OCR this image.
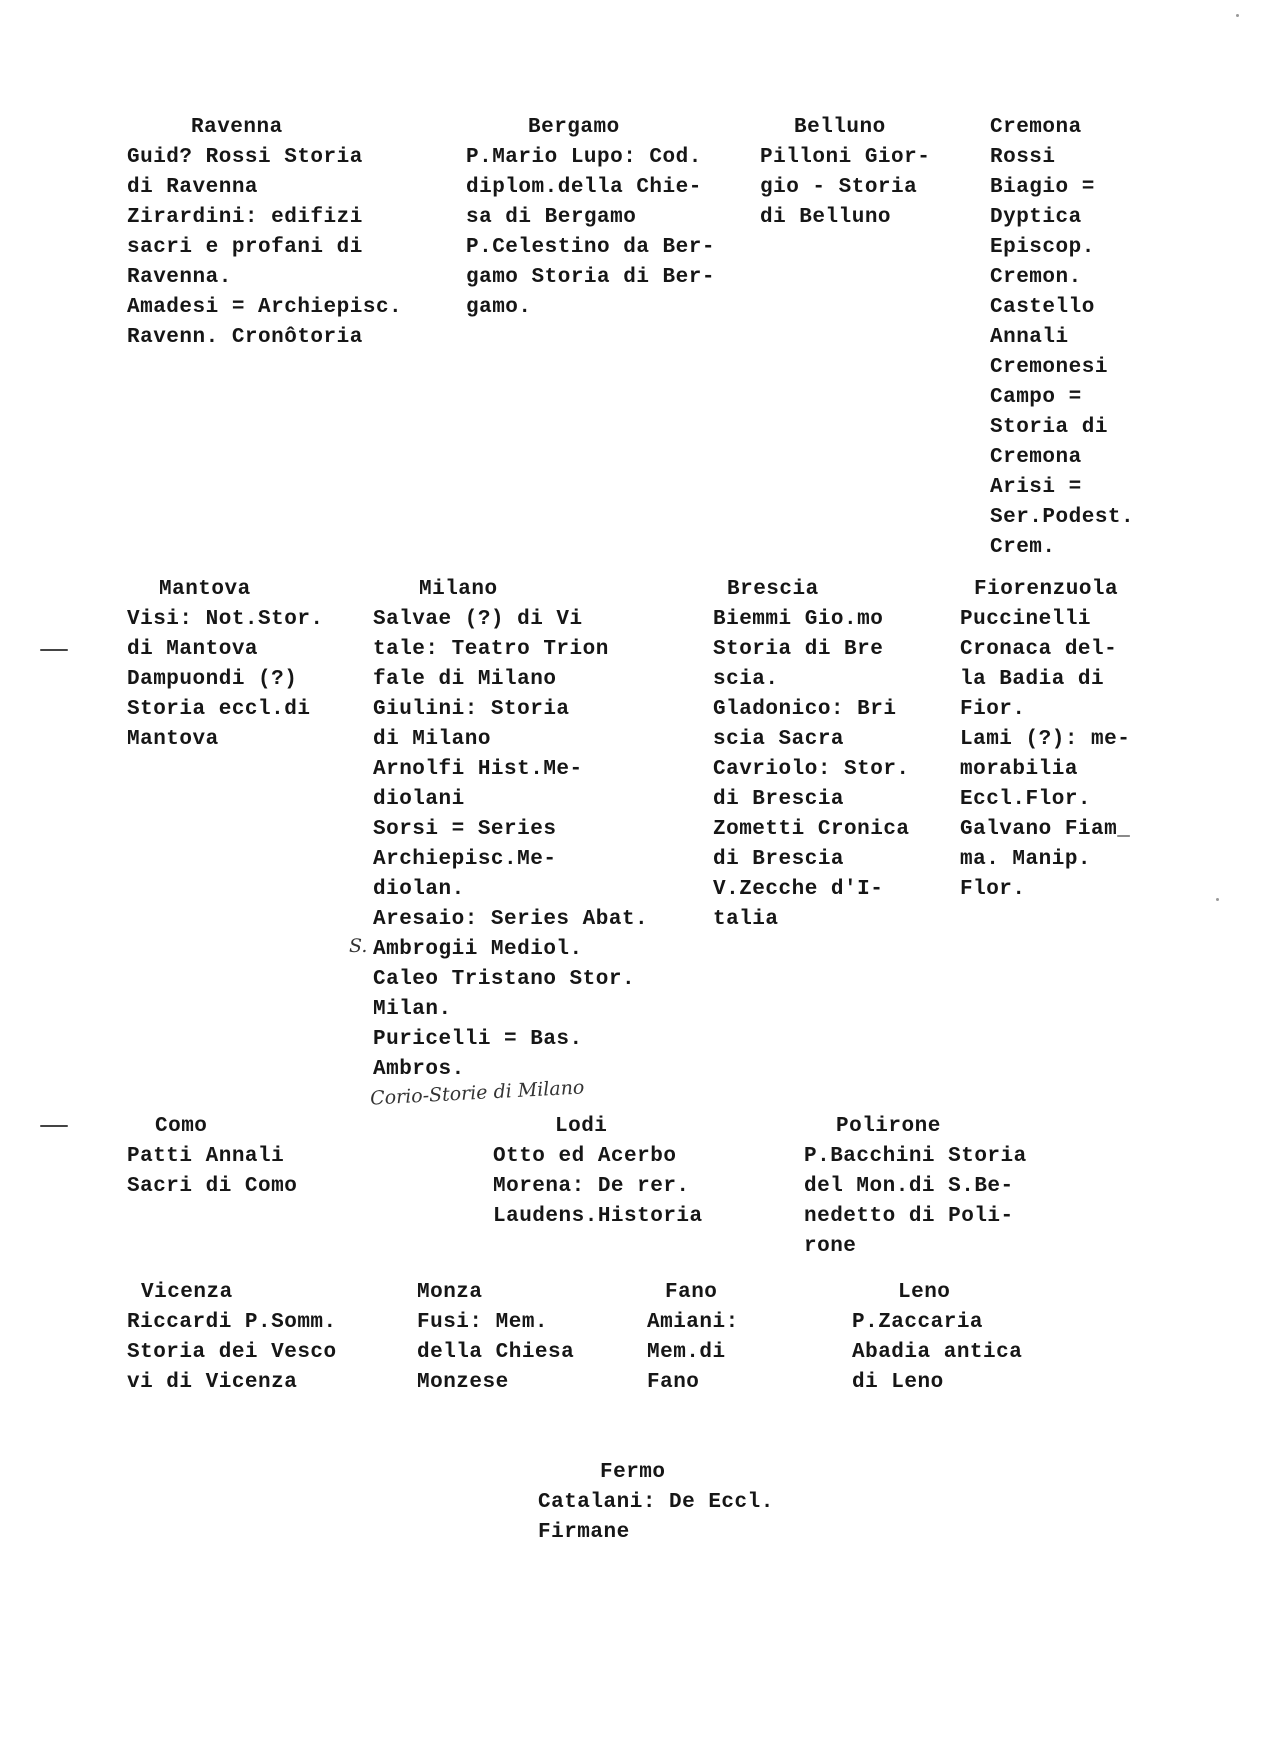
Ravenna
Guid? Rossi Storia
di Ravenna
Zirardini: edifizi
sacri e profani di
Ravenna.
Amadesi = Archiepisc.
Ravenn. Cronôtoria
Bergamo
P.Mario Lupo: Cod.
diplom.della Chie-
sa di Bergamo
P.Celestino da Ber-
gamo Storia di Ber-
gamo.
Belluno
Pilloni Gior-
gio - Storia
di Belluno
Cremona
Rossi
Biagio =
Dyptica
Episcop.
Cremon.
Castello
Annali
Cremonesi
Campo =
Storia di
Cremona
Arisi =
Ser.Podest.
Crem.
Mantova
Visi: Not.Stor.
di Mantova
Dampuondi (?)
Storia eccl.di
Mantova
Milano
Salvae (?) di Vi
tale: Teatro Trion
fale di Milano
Giulini: Storia
di Milano
Arnolfi Hist.Me-
diolani
Sorsi = Series
Archiepisc.Me-
diolan.
Aresaio: Series Abat.
Ambrogii Mediol.
Caleo Tristano Stor.
Milan.
Puricelli = Bas.
Ambros.
Brescia
Biemmi Gio.mo
Storia di Bre
scia.
Gladonico: Bri
scia Sacra
Cavriolo: Stor.
di Brescia
Zometti Cronica
di Brescia
V.Zecche d'I-
talia
Fiorenzuola
Puccinelli
Cronaca del-
la Badia di
Fior.
Lami (?): me-
morabilia
Eccl.Flor.
Galvano Fiam_
ma. Manip.
Flor.
Como
Patti Annali
Sacri di Como
Lodi
Otto ed Acerbo
Morena: De rer.
Laudens.Historia
Polirone
P.Bacchini Storia
del Mon.di S.Be-
nedetto di Poli-
rone
Vicenza
Riccardi P.Somm.
Storia dei Vesco
vi di Vicenza
Monza
Fusi: Mem.
della Chiesa
Monzese
Fano
Amiani:
Mem.di
Fano
Leno
P.Zaccaria
Abadia antica
di Leno
Fermo
Catalani: De Eccl.
Firmane
S.
Corio-Storie di Milano
